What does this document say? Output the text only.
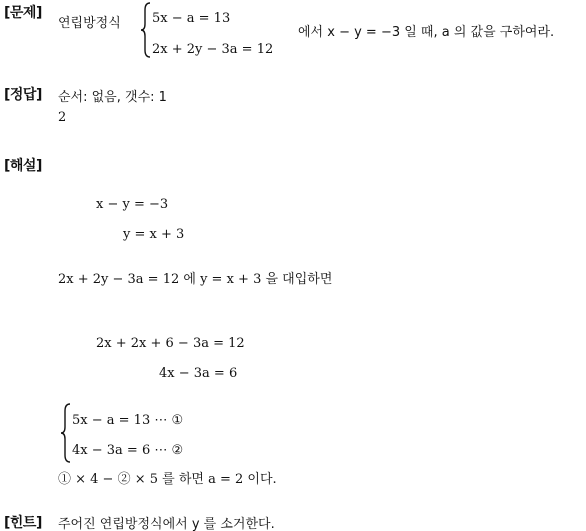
[문제]
연립방정식 5x − a = 13
2x + 2y − 3a = 12
에서 x − y = −3 일 때, a 의 값을 구하여라.
[정답] 순서: 없음, 갯수: 1
2
[해설]
x − y = −3
y = x + 3
2x + 2y − 3a = 12 에 y = x + 3 을 대입하면
2x + 2x + 6 − 3a = 12
4x − 3a = 6
5x − a = 13 ⋯ ①
4x − 3a = 6 ⋯ ②
① × 4 − ② × 5 를 하면 a = 2 이다.
[힌트] 주어진 연립방정식에서 y 를 소거한다.
